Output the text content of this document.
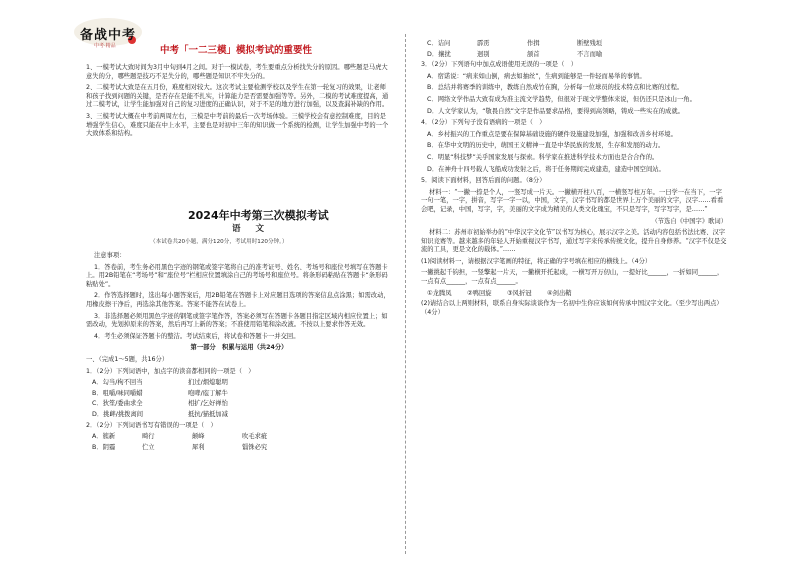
备战中考
中考·精品	中考「一二三模」模拟考试的重要性

1、一模考试大致时间为3月中旬到4月之间。对于一模试卷，考生要重点分析找失分的原因。哪些题是马虎大意失的分，哪些题是技巧不足失分的，哪些题是知识不牢失分的。

2、二模考试大致是在五月份，难度相对较大。这次考试主要检测学校以及学生在第一轮复习的效果，让老师和孩子找到问题的关键，是否存在是能不扎实，计算能力是否需要加强等等。另外，二模的考试难度提高，通过二模考试，让学生能加强对自己的复习进度的正确认识，对于不足的地方进行加强，以及查漏补缺的作用。

3、三模考试大概在中考前两周左右，三模是中考前的最后一次考场体验。三模学校会有意控制难度，目的是增强学生信心，难度只能在中上水平，主要也是对初中三年的知识做一个系统的检测，让学生加强中考的一个大致体系和结构。

2024年中考第三次模拟考试
语 文
（本试卷共20小题，满分120分，考试用时120分钟。）

注意事项：

1．答卷前，考生务必用黑色字迹的钢笔或签字笔将自己的准考证号、姓名、考场号和座位号填写在答题卡上。用2B铅笔在“考场号”和“座位号”栏相应位置填涂自己的考场号和座位号。将条形码粘贴在答题卡“条形码粘贴处”。

2．作答选择题时，选出每小题答案后，用2B铅笔在答题卡上对应题目选项的答案信息点涂黑；如需改动，用橡皮擦干净后，再选涂其他答案。答案不能答在试卷上。

3．非选择题必须用黑色字迹的钢笔或签字笔作答，答案必须写在答题卡各题目指定区域内相应位置上；如需改动，先划掉原来的答案，然后再写上新的答案；不准使用铅笔和涂改液。不按以上要求作答无效。

4．考生必须保证答题卡的整洁。考试结束后，将试卷和答题卡一并交回。

第一部分　积累与运用（共24分）

一、（完成1～5题，共16分）

1．（2分）下列词语中，加点字的读音都相同的一项是（　）

A．勾当/枸不回当	扪过/烟熄聪明
B．咀嚼/味同嚼蜡	咆哮/庖丁解牛
C．狄笙/委曲求全	相扩/乞好禅怡
D．挑衅/挑拨离间	抵抗/猫抵加减

2．（2分）下列词语书写有错误的一项是（　）

A．簇新	畸行	颠峰	吹毛求疵
B．阴霾	伫立	犀利	锱铢必究
C．诘问	霹雳	作揖	断壁残垣
D．攘扰	迥别	颔首	不言而喻

3．（2分）下列语句中加点成语使用无误的一项是（　）

A．宿诺说：“病来如山倒，病去如抽丝”，生病到能够是一件轻而易举的事情。

B．总结并将赛季的训练中，教练自然成竹在胸，分析每一位球员的技术特点和比赛的过程。

C．网络文学作品大致有成为准主流文学趋势，但很对于现文学整体来说，但仍还只是冰山一角。

D．人文学家认为，“敬畏自然”文字是作品要求品格，要得到高领略，铸成一些实在的成就。

4．（2分）下列句子没有语病的一项是（　）

A．乡村振兴的工作重点是要在保障基础设施的硬件设施建设加强，加强和改善乡村环境。

B．在华中文明的历史中，萌国王义精神一直是中华民族的发展，生存和发展的动力。

C．明显“科技梦”关乎国家发展与探索。科学家在推进科学技术方面也是合合作的。

D．在神舟十四号载人飞船成功发射之后，将于任务期间完成建造，建造中国空间站。

5．阅读下面材料，回答后面的问题。（8分）

材料一：“一撇一捺是个人，一竖写成一片天。一撇横开柱八百，一横竖写柱万年。一曰学一在当下，一字一句一笔，一字，拼音，写字一字一以，中国，文字，汉字书写的都是世界上万个美丽的文字，汉字……看看会吧，记录，中国，写字，字，美丽的文字成为精美的人类文化瑰宝，不只是写字，写字写字，是……”

（节选自《中国字》歌词）

材料二：苏州市初始举办的“中华汉字文化节”以书写为核心，展示汉字之美。活动内容包括书法比赛、汉字知识竞赛等。越来越多的年轻人开始重视汉字书写，通过写字来传承传统文化，提升自身修养。“汉字不仅是交流的工具，更是文化的载体。”……

(1)阅读材料一，请根据汉字笔画的特征，将正确的字号填在相应的横线上。（4分）

一撇挑起千钧担，一竖擎起一片天，一撇横开托起成，一横写开万仞山，一提好比______，一折如同______，一点有点______，一点有点______。

①龙腾凤	②鸭回旋	③风折冠	④剑出鞘

(2)请结合以上两则材料，联系自身实际谈谈作为一名初中生你应该如何传承中国汉字文化。（至少写出两点）（4分）
